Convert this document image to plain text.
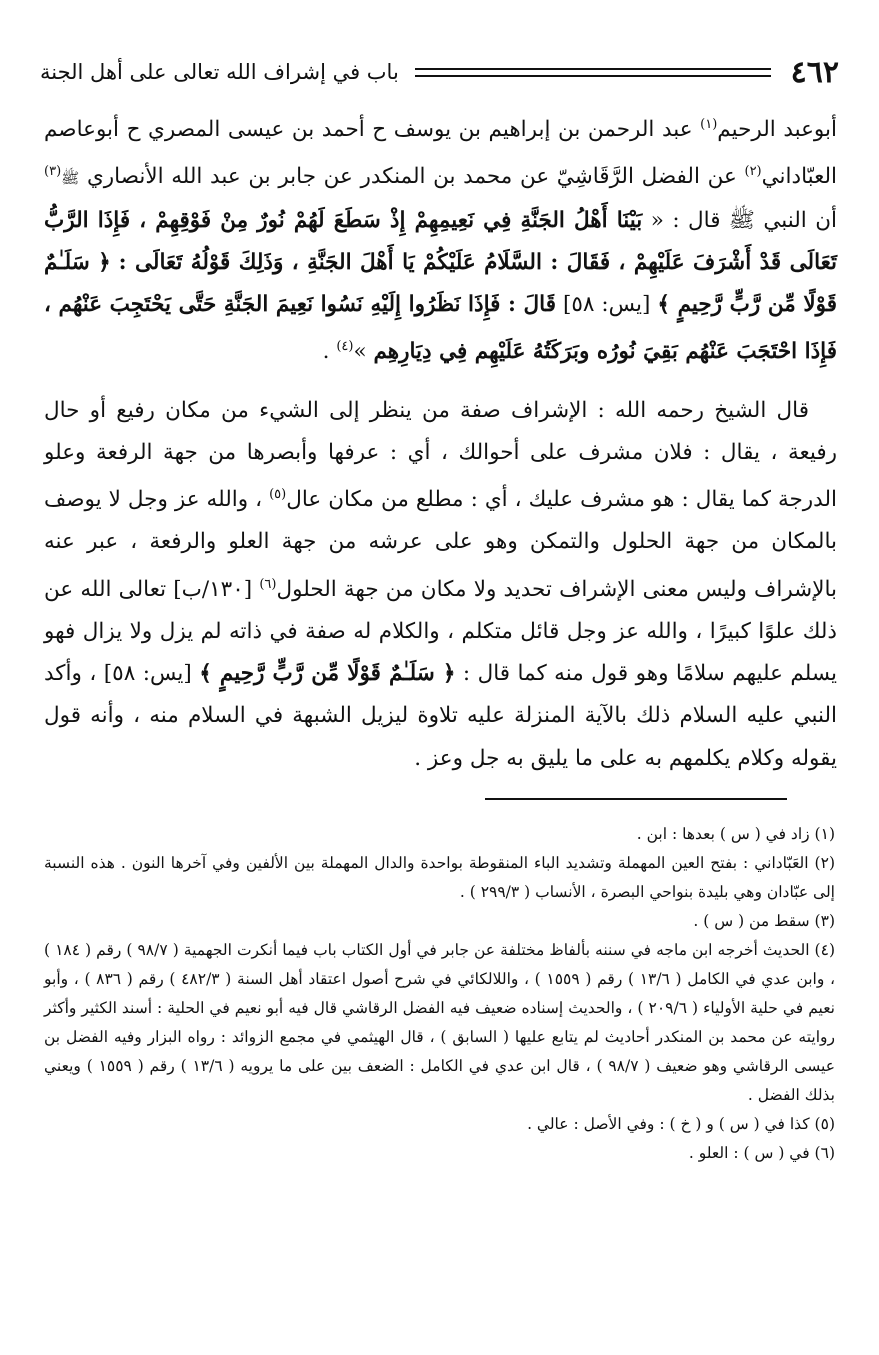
٤٦٢
باب في إشراف الله تعالى على أهل الجنة

أبوعبد الرحيم$^{(١)}$ عبد الرحمن بن إبراهيم بن يوسف ح أحمد بن عيسى المصري ح أبوعاصم العبّاداني$^{(٢)}$ عن الفضل الرَّقَاشِيّ عن محمد بن المنكدر عن جابر بن عبد الله الأنصاري ﷺ$^{(٣)}$ أن النبي ﷺ قال : « بَيْنَا أَهْلُ الجَنَّةِ فِي نَعِيمِهِمْ إِذْ سَطَعَ لَهُمْ نُورٌ مِنْ فَوْقِهِمْ ، فَإِذَا الرَّبُّ تَعَالَى قَدْ أَشْرَفَ عَلَيْهِمْ ، فَقَالَ : السَّلَامُ عَلَيْكُمْ يَا أَهْلَ الجَنَّةِ ، وَذَلِكَ قَوْلُهُ تَعَالَى : ﴿ سَلَـٰمٌ قَوْلًا مِّن رَّبٍّ رَّحِيمٍ ﴾ [يس: ٥٨] قَالَ : فَإِذَا نَظَرُوا إِلَيْهِ نَسُوا نَعِيمَ الجَنَّةِ حَتَّى يَحْتَجِبَ عَنْهُم ، فَإِذَا احْتَجَبَ عَنْهُم بَقِيَ نُورُه وبَرَكَتُهُ عَلَيْهِم فِي دِيَارِهِم »$^{(٤)}$ .

قال الشيخ رحمه الله : الإشراف صفة من ينظر إلى الشيء من مكان رفيع أو حال رفيعة ، يقال : فلان مشرف على أحوالك ، أي : عرفها وأبصرها من جهة الرفعة وعلو الدرجة كما يقال : هو مشرف عليك ، أي : مطلع من مكان عال$^{(٥)}$ ، والله عز وجل لا يوصف بالمكان من جهة الحلول والتمكن وهو على عرشه من جهة العلو والرفعة ، عبر عنه بالإشراف وليس معنى الإشراف تحديد ولا مكان من جهة الحلول$^{(٦)}$ [١٣٠/ب] تعالى الله عن ذلك علوًا كبيرًا ، والله عز وجل قائل متكلم ، والكلام له صفة في ذاته لم يزل ولا يزال فهو يسلم عليهم سلامًا وهو قول منه كما قال : ﴿ سَلَـٰمٌ قَوْلًا مِّن رَّبٍّ رَّحِيمٍ ﴾ [يس: ٥٨] ، وأكد النبي عليه السلام ذلك بالآية المنزلة عليه تلاوة ليزيل الشبهة في السلام منه ، وأنه قول يقوله وكلام يكلمهم به على ما يليق به جل وعز .

(١) زاد في ( س ) بعدها : ابن .

(٢) العَبّاداني : بفتح العين المهملة وتشديد الباء المنقوطة بواحدة والدال المهملة بين الألفين وفي آخرها النون . هذه النسبة إلى عبّادان وهي بليدة بنواحي البصرة ، الأنساب ( ٢٩٩/٣ ) .

(٣) سقط من ( س ) .

(٤) الحديث أخرجه ابن ماجه في سننه بألفاظ مختلفة عن جابر في أول الكتاب باب فيما أنكرت الجهمية ( ٩٨/٧ ) رقم ( ١٨٤ ) ، وابن عدي في الكامل ( ١٣/٦ ) رقم ( ١٥٥٩ ) ، واللالكائي في شرح أصول اعتقاد أهل السنة ( ٤٨٢/٣ ) رقم ( ٨٣٦ ) ، وأبو نعيم في حلية الأولياء ( ٢٠٩/٦ ) ، والحديث إسناده ضعيف فيه الفضل الرقاشي قال فيه أبو نعيم في الحلية : أسند الكثير وأكثر روايته عن محمد بن المنكدر أحاديث لم يتابع عليها ( السابق ) ، قال الهيثمي في مجمع الزوائد : رواه البزار وفيه الفضل بن عيسى الرقاشي وهو ضعيف ( ٩٨/٧ ) ، قال ابن عدي في الكامل : الضعف بين على ما يرويه ( ١٣/٦ ) رقم ( ١٥٥٩ ) ويعني بذلك الفضل .

(٥) كذا في ( س ) و ( خ ) : وفي الأصل : عالي .

(٦) في ( س ) : العلو .
